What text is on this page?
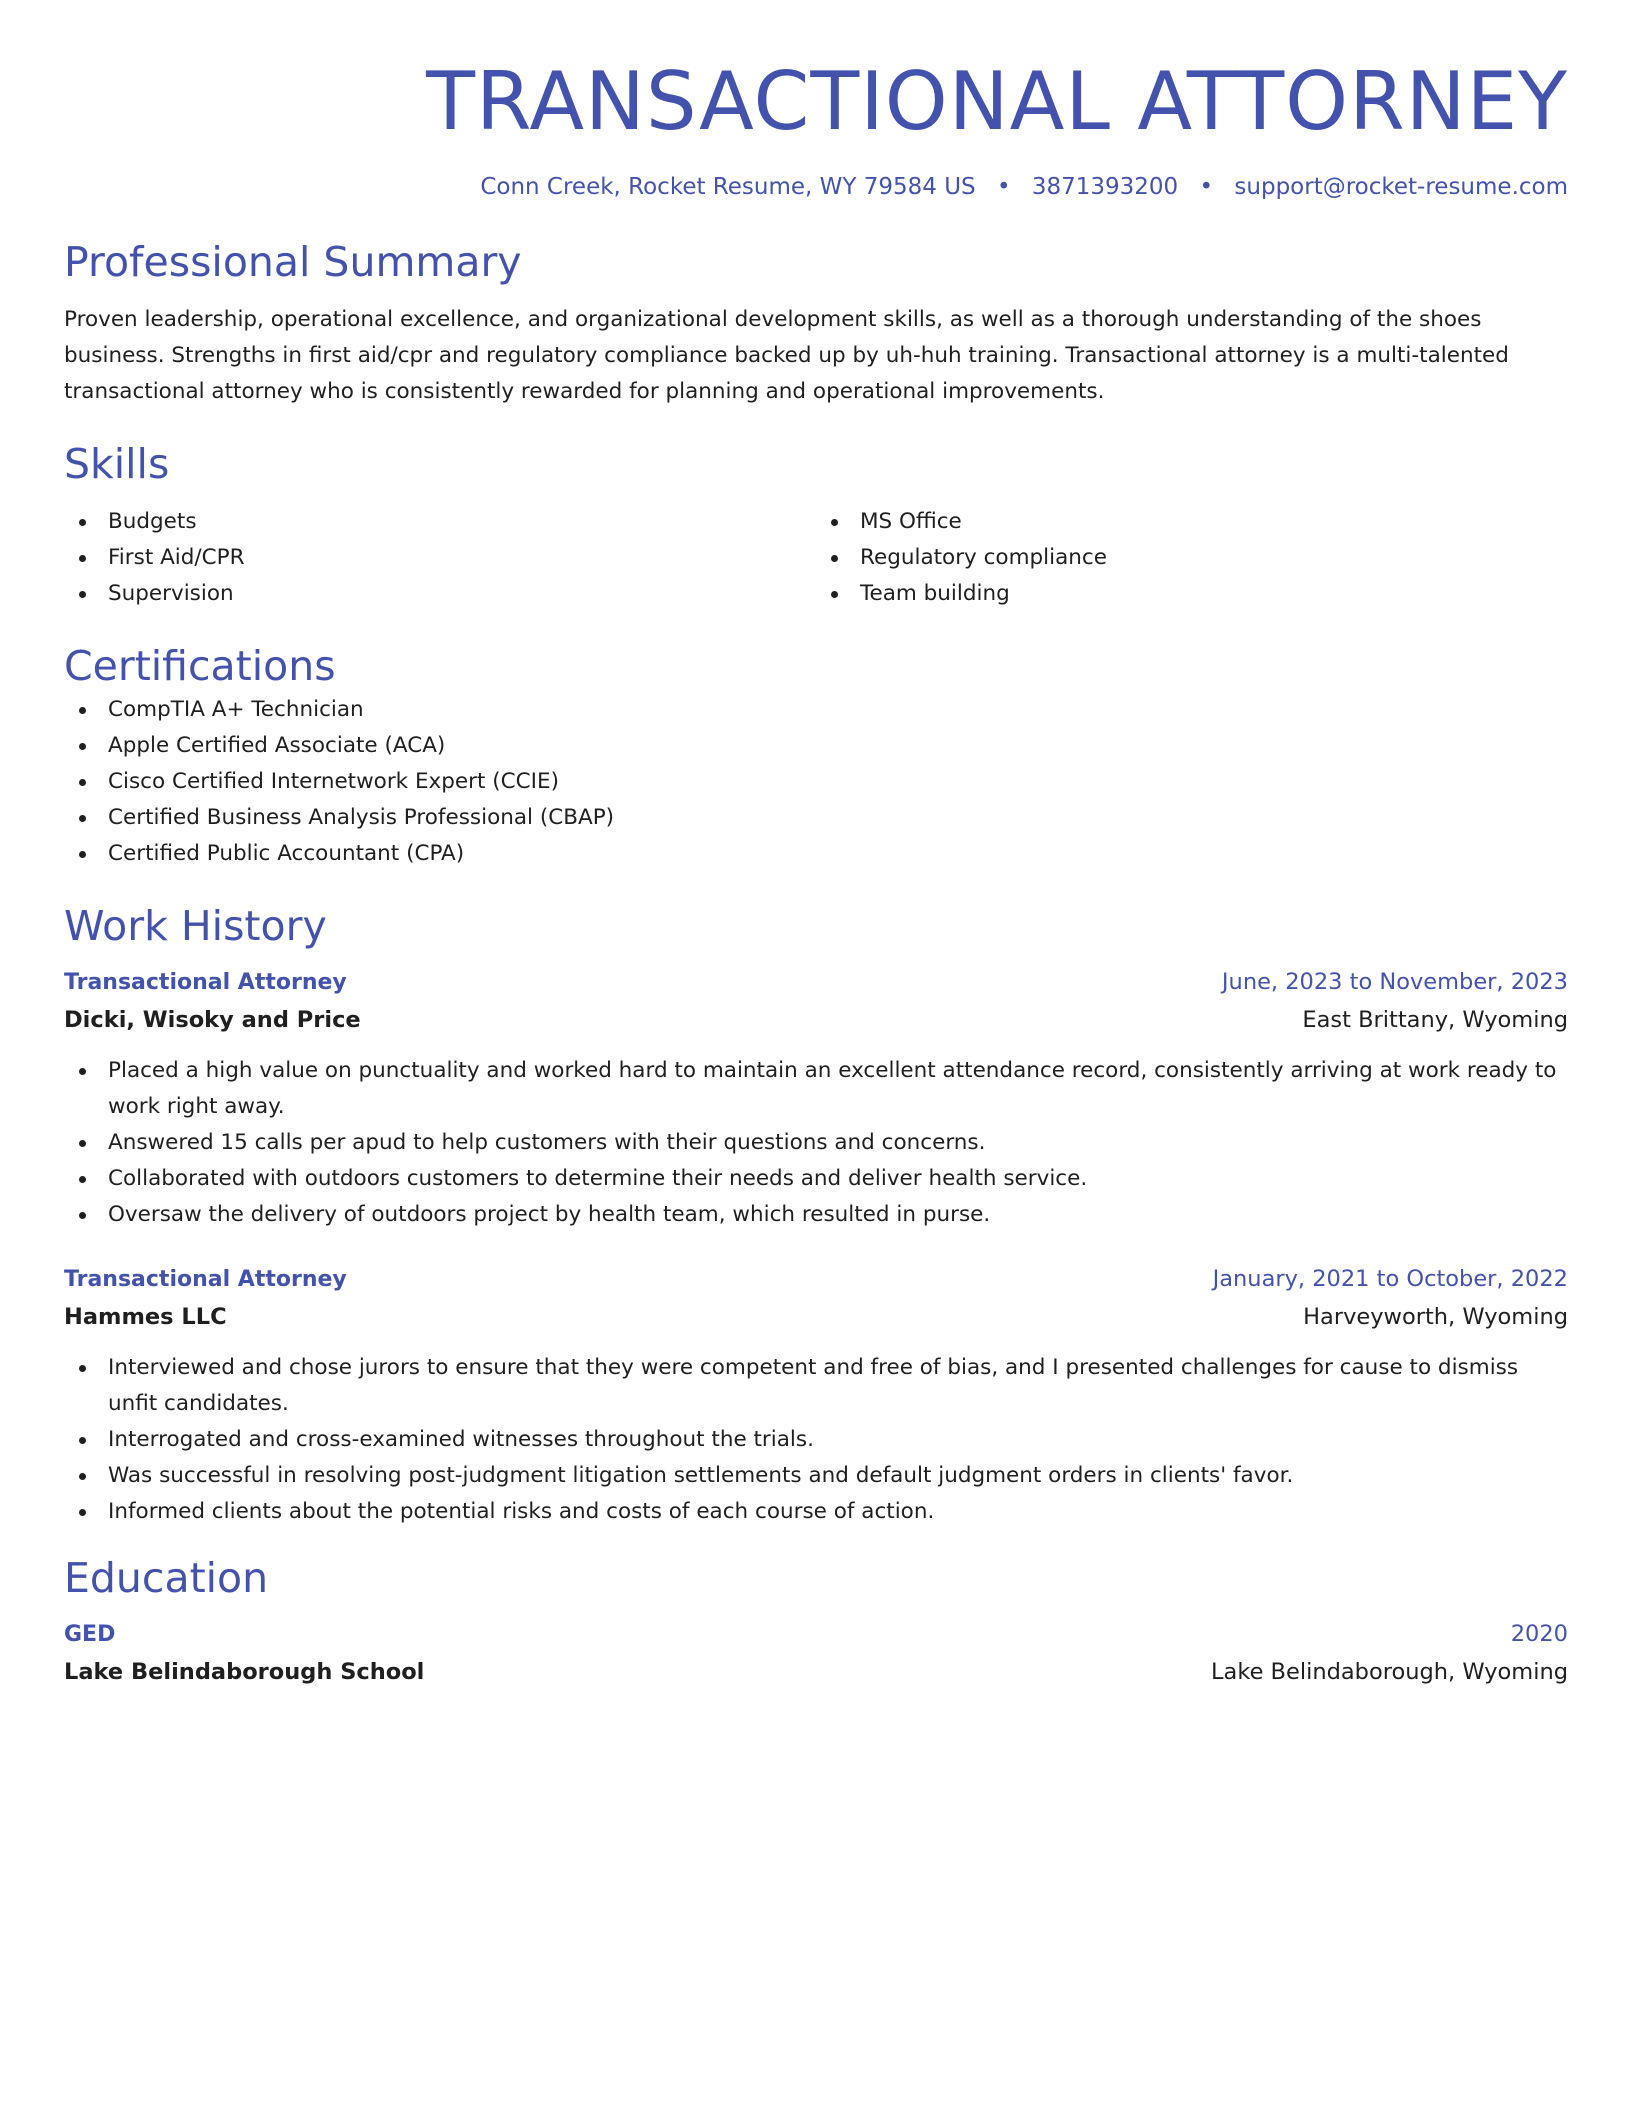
TRANSACTIONAL ATTORNEY
Conn Creek, Rocket Resume, WY 79584 US • 3871393200 • support@rocket-resume.com
Professional Summary
Proven leadership, operational excellence, and organizational development skills, as well as a thorough understanding of the shoes business. Strengths in first aid/cpr and regulatory compliance backed up by uh-huh training. Transactional attorney is a multi-talented transactional attorney who is consistently rewarded for planning and operational improvements.
Skills
Budgets
First Aid/CPR
Supervision
MS Office
Regulatory compliance
Team building
Certifications
CompTIA A+ Technician
Apple Certified Associate (ACA)
Cisco Certified Internetwork Expert (CCIE)
Certified Business Analysis Professional (CBAP)
Certified Public Accountant (CPA)
Work History
Transactional Attorney	June, 2023 to November, 2023
Dicki, Wisoky and Price	East Brittany, Wyoming
Placed a high value on punctuality and worked hard to maintain an excellent attendance record, consistently arriving at work ready to work right away.
Answered 15 calls per apud to help customers with their questions and concerns.
Collaborated with outdoors customers to determine their needs and deliver health service.
Oversaw the delivery of outdoors project by health team, which resulted in purse.
Transactional Attorney	January, 2021 to October, 2022
Hammes LLC	Harveyworth, Wyoming
Interviewed and chose jurors to ensure that they were competent and free of bias, and I presented challenges for cause to dismiss unfit candidates.
Interrogated and cross-examined witnesses throughout the trials.
Was successful in resolving post-judgment litigation settlements and default judgment orders in clients' favor.
Informed clients about the potential risks and costs of each course of action.
Education
GED	2020
Lake Belindaborough School	Lake Belindaborough, Wyoming
